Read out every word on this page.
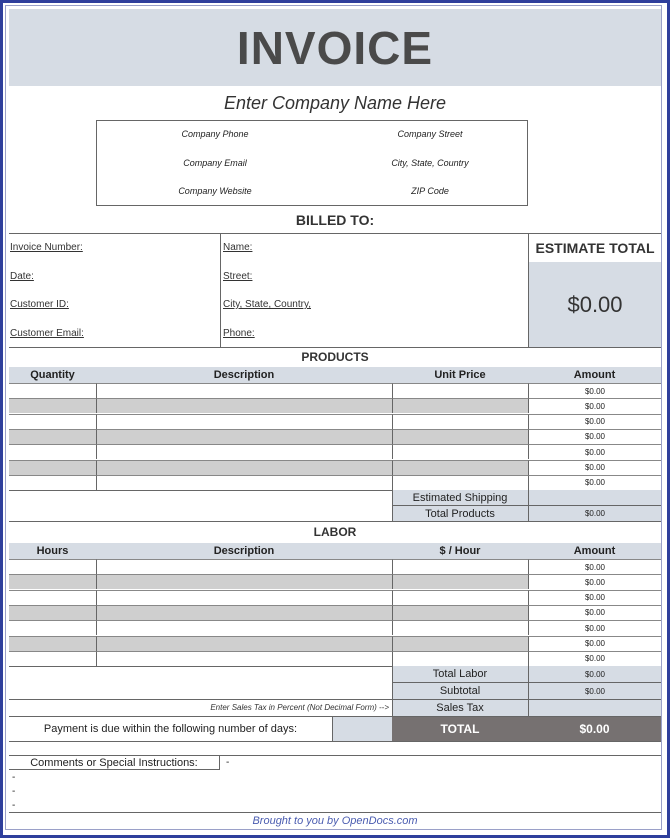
INVOICE
Enter Company Name Here
Company Phone	Company Street
Company Email	City, State, Country
Company Website	ZIP Code
BILLED TO:
Invoice Number:
Date:
Customer ID:
Customer Email:
Name:
Street:
City, State, Country,
Phone:
ESTIMATE TOTAL
$0.00
PRODUCTS
Quantity	Description	Unit Price	Amount
$0.00
$0.00
$0.00
$0.00
$0.00
$0.00
$0.00
Estimated Shipping
Total Products	$0.00
LABOR
Hours	Description	$ / Hour	Amount
$0.00
$0.00
$0.00
$0.00
$0.00
$0.00
$0.00
Total Labor	$0.00
Subtotal	$0.00
Enter Sales Tax in Percent (Not Decimal Form) -->	Sales Tax
Payment is due within the following number of days:	TOTAL	$0.00
Comments or Special Instructions:	-
-
-
-
Brought to you by OpenDocs.com
